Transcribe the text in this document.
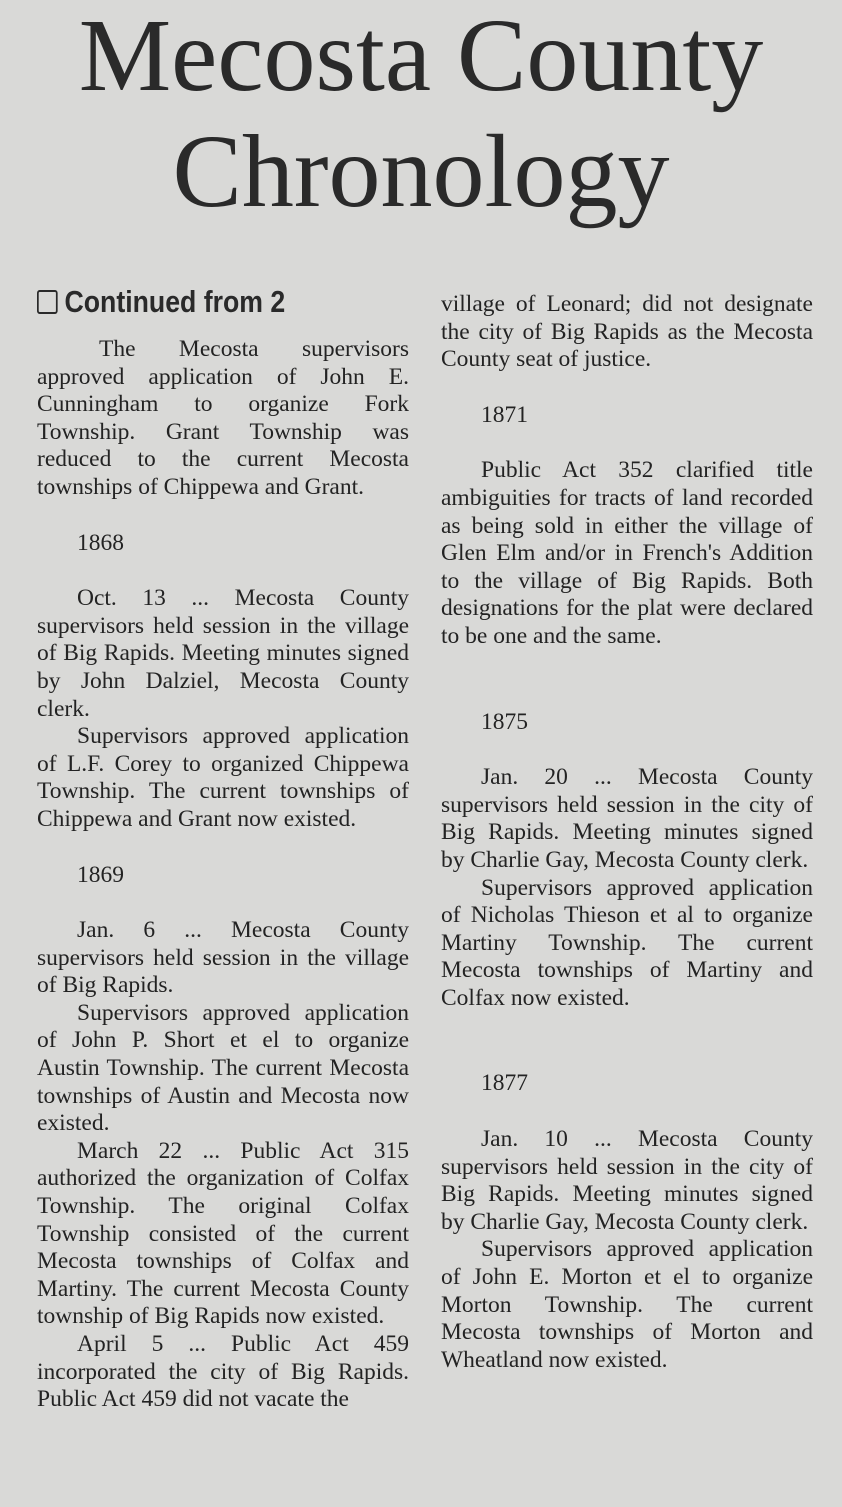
Mecosta County
Chronology
Continued from 2

The Mecosta supervisors approved application of John E. Cunningham to organize Fork Township. Grant Township was reduced to the current Mecosta townships of Chippewa and Grant.

1868

Oct. 13 ... Mecosta County supervisors held session in the village of Big Rapids. Meeting minutes signed by John Dalziel, Mecosta County clerk.

Supervisors approved application of L.F. Corey to organized Chippewa Township. The current townships of Chippewa and Grant now existed.

1869

Jan. 6 ... Mecosta County supervisors held session in the village of Big Rapids.

Supervisors approved application of John P. Short et el to organize Austin Township. The current Mecosta townships of Austin and Mecosta now existed.

March 22 ... Public Act 315 authorized the organization of Colfax Township. The original Colfax Township consisted of the current Mecosta townships of Colfax and Martiny. The current Mecosta County township of Big Rapids now existed.

April 5 ... Public Act 459 incorporated the city of Big Rapids. Public Act 459 did not vacate the

village of Leonard; did not designate the city of Big Rapids as the Mecosta County seat of justice.

1871

Public Act 352 clarified title ambiguities for tracts of land recorded as being sold in either the village of Glen Elm and/or in French's Addition to the village of Big Rapids. Both designations for the plat were declared to be one and the same.

1875

Jan. 20 ... Mecosta County supervisors held session in the city of Big Rapids. Meeting minutes signed by Charlie Gay, Mecosta County clerk.

Supervisors approved application of Nicholas Thieson et al to organize Martiny Township. The current Mecosta townships of Martiny and Colfax now existed.

1877

Jan. 10 ... Mecosta County supervisors held session in the city of Big Rapids. Meeting minutes signed by Charlie Gay, Mecosta County clerk.

Supervisors approved application of John E. Morton et el to organize Morton Township. The current Mecosta townships of Morton and Wheatland now existed.
